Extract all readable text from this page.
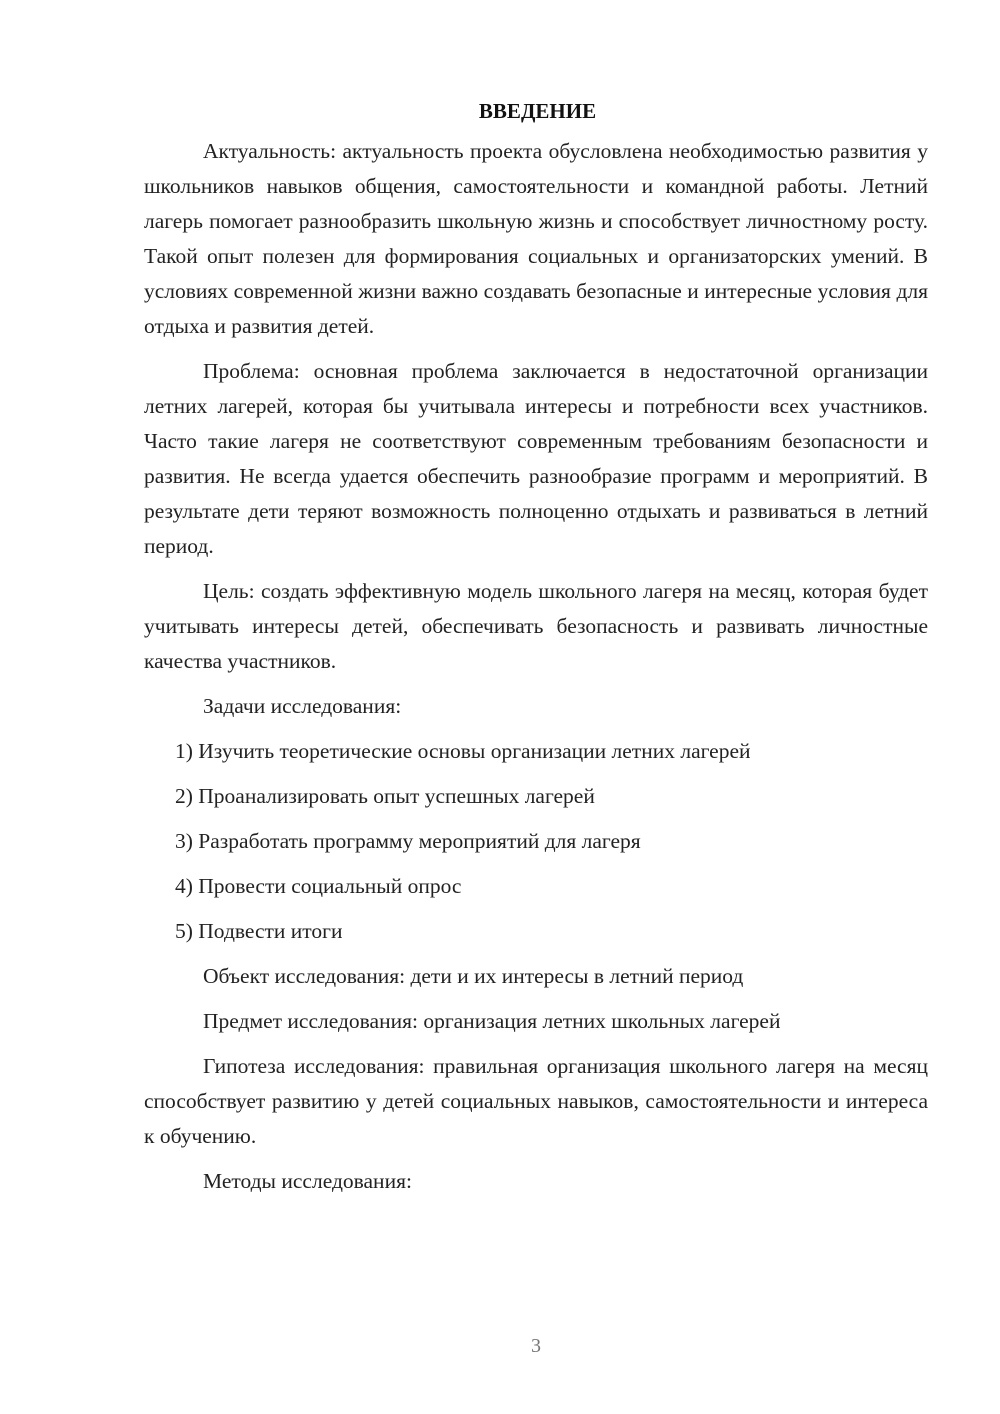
ВВЕДЕНИЕ

Актуальность: актуальность проекта обусловлена необходимостью развития у школьников навыков общения, самостоятельности и командной работы. Летний лагерь помогает разнообразить школьную жизнь и способствует личностному росту. Такой опыт полезен для формирования социальных и организаторских умений. В условиях современной жизни важно создавать безопасные и интересные условия для отдыха и развития детей.

Проблема: основная проблема заключается в недостаточной организации летних лагерей, которая бы учитывала интересы и потребности всех участников. Часто такие лагеря не соответствуют современным требованиям безопасности и развития. Не всегда удается обеспечить разнообразие программ и мероприятий. В результате дети теряют возможность полноценно отдыхать и развиваться в летний период.

Цель: создать эффективную модель школьного лагеря на месяц, которая будет учитывать интересы детей, обеспечивать безопасность и развивать личностные качества участников.

Задачи исследования:

1) Изучить теоретические основы организации летних лагерей

2) Проанализировать опыт успешных лагерей

3) Разработать программу мероприятий для лагеря

4) Провести социальный опрос

5) Подвести итоги

Объект исследования: дети и их интересы в летний период

Предмет исследования: организация летних школьных лагерей

Гипотеза исследования: правильная организация школьного лагеря на месяц способствует развитию у детей социальных навыков, самостоятельности и интереса к обучению.

Методы исследования:

3
